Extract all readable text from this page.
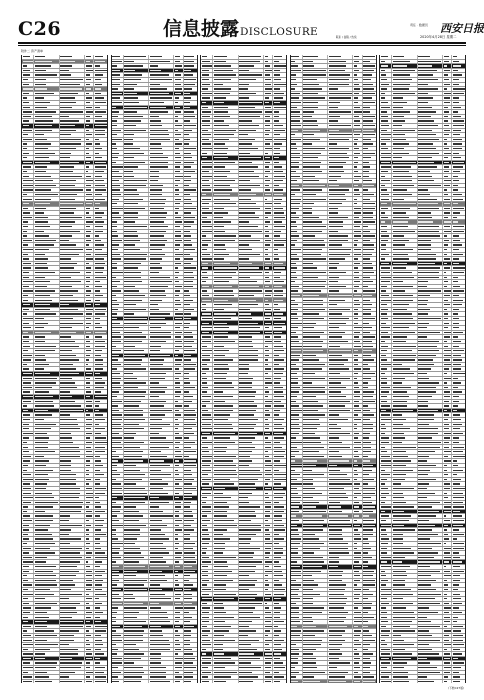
C26	信息披露DISCLOSURE
责任 · 数据员 西安日报
联系 / 信箱 / 热线	2020年4月28日 星期二
附件二 资产清单
(下转C27版)
